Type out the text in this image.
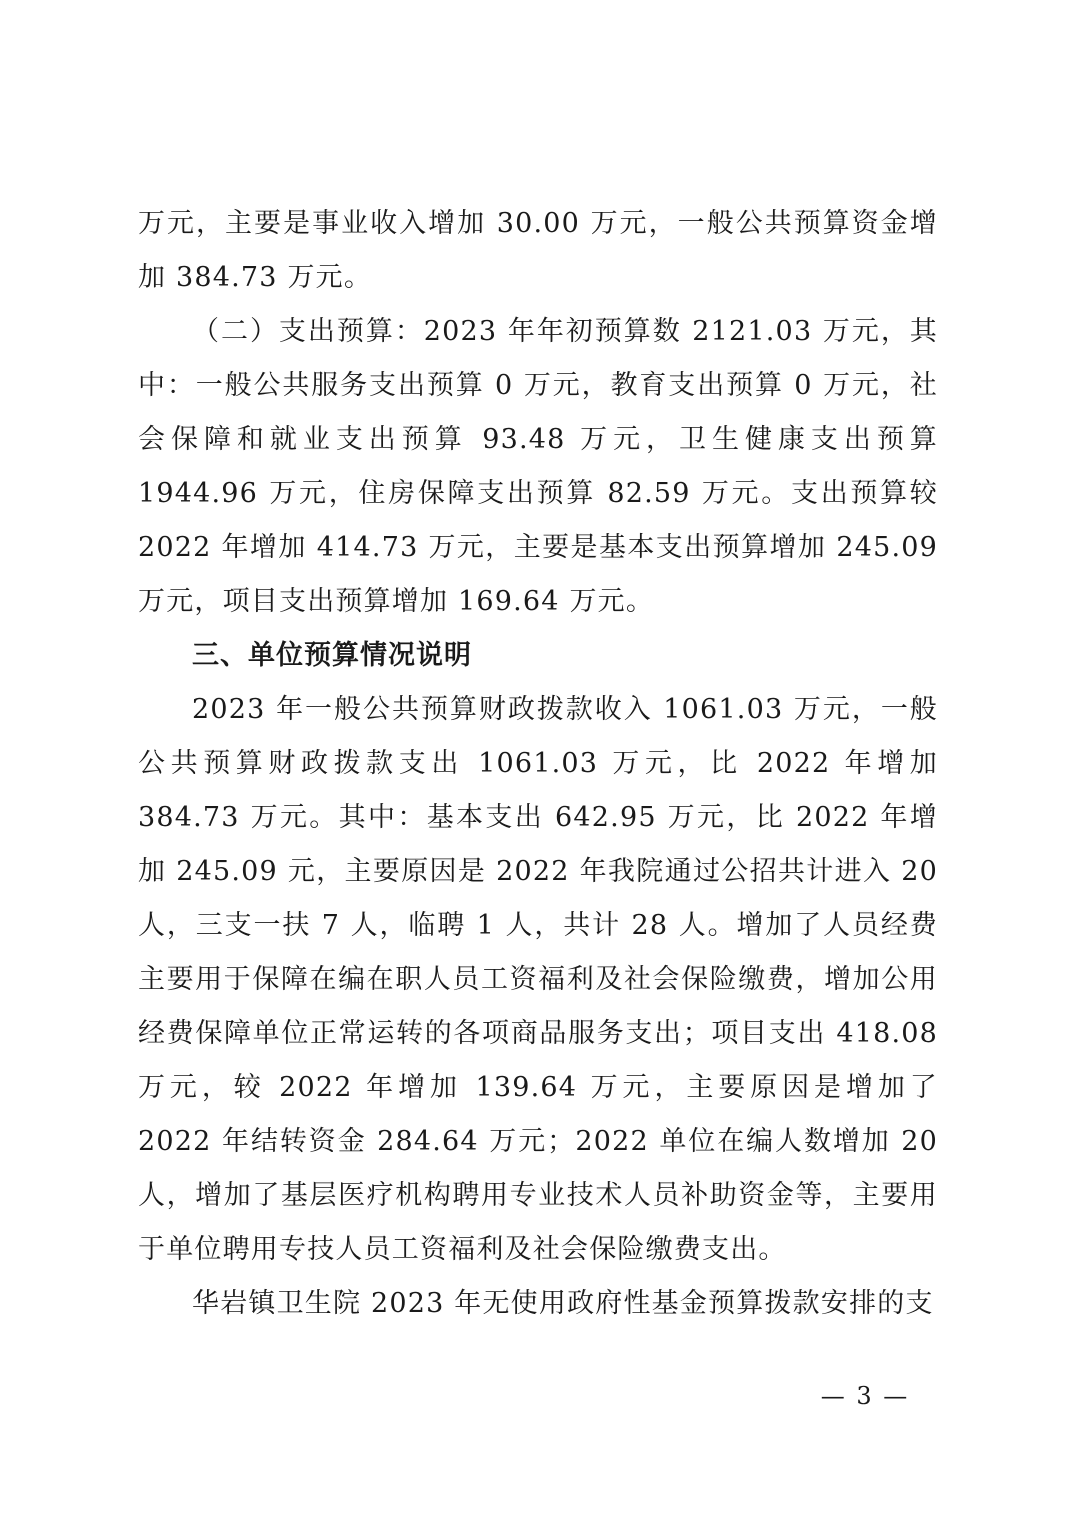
万元，主要是事业收入增加 30.00 万元，一般公共预算资金增加 384.73 万元。

（二）支出预算：2023 年年初预算数 2121.03 万元，其中：一般公共服务支出预算 0 万元，教育支出预算 0 万元，社会保障和就业支出预算 93.48 万元，卫生健康支出预算 1944.96 万元，住房保障支出预算 82.59 万元。支出预算较 2022 年增加 414.73 万元，主要是基本支出预算增加 245.09 万元，项目支出预算增加 169.64 万元。

三、单位预算情况说明

2023 年一般公共预算财政拨款收入 1061.03 万元，一般公共预算财政拨款支出 1061.03 万元，比 2022 年增加 384.73 万元。其中：基本支出 642.95 万元，比 2022 年增加 245.09 元，主要原因是 2022 年我院通过公招共计进入 20 人，三支一扶 7 人，临聘 1 人，共计 28 人。增加了人员经费主要用于保障在编在职人员工资福利及社会保险缴费，增加公用经费保障单位正常运转的各项商品服务支出；项目支出 418.08 万元，较 2022 年增加 139.64 万元，主要原因是增加了 2022 年结转资金 284.64 万元；2022 单位在编人数增加 20 人，增加了基层医疗机构聘用专业技术人员补助资金等，主要用于单位聘用专技人员工资福利及社会保险缴费支出。

华岩镇卫生院 2023 年无使用政府性基金预算拨款安排的支

— 3 —
